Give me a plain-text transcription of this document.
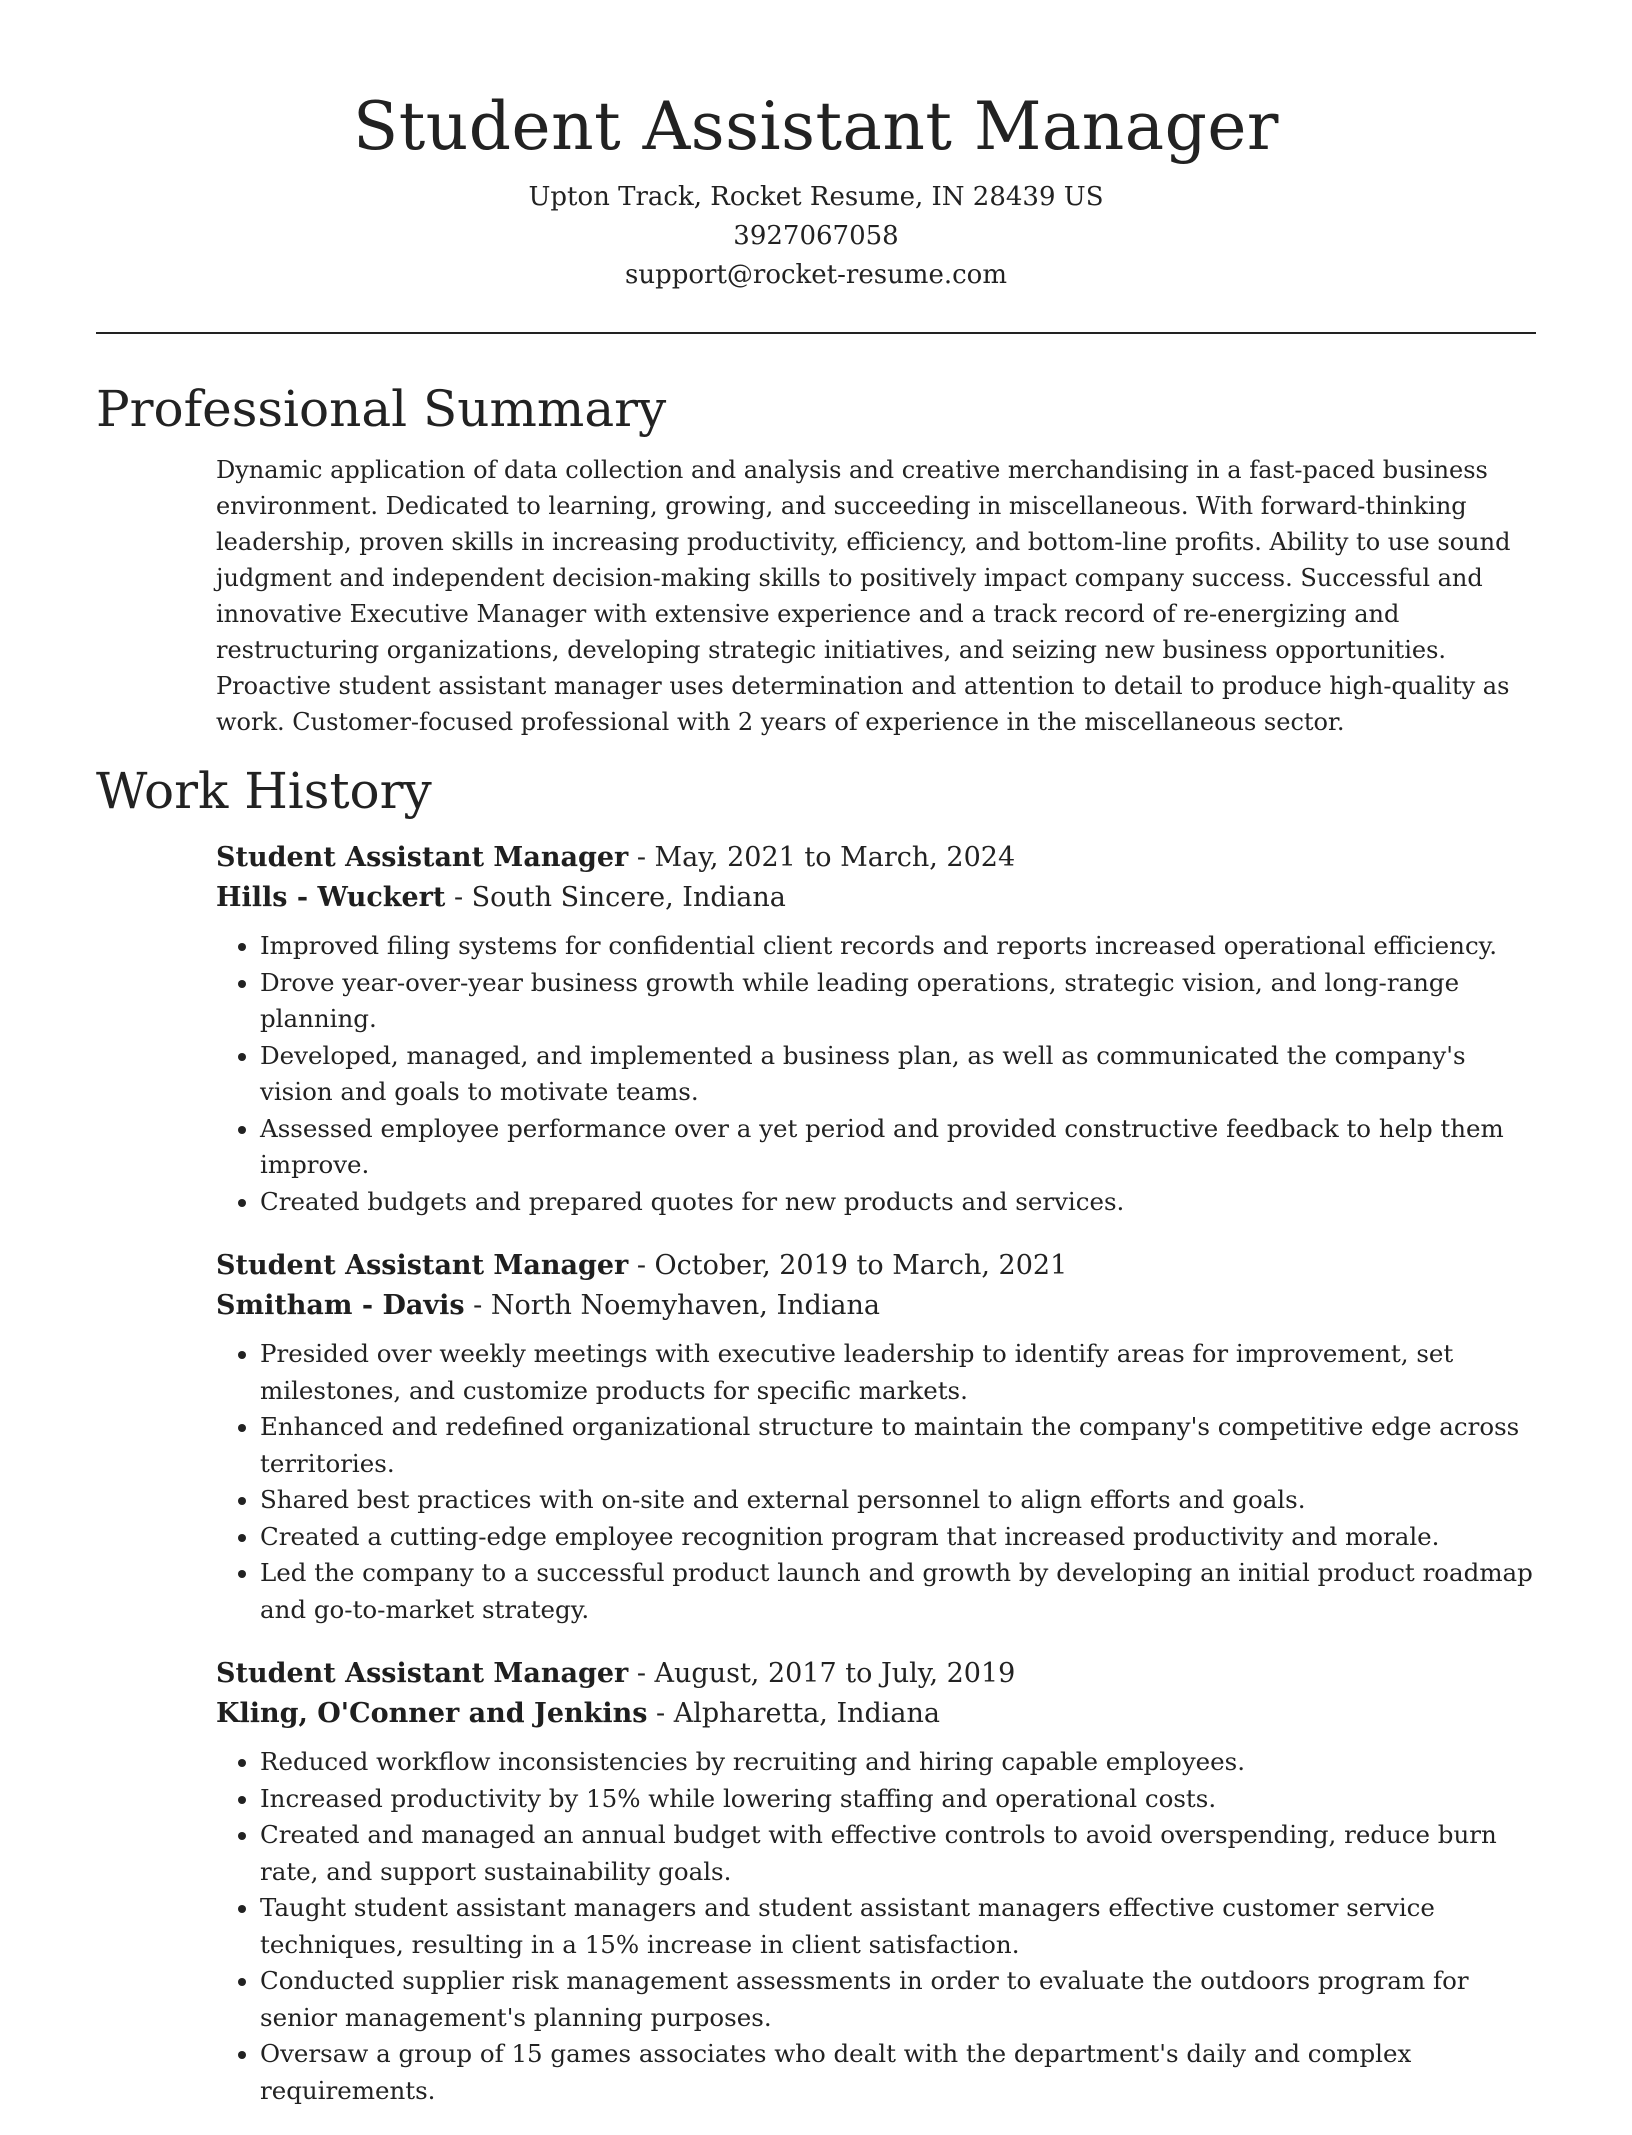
Student Assistant Manager
Upton Track, Rocket Resume, IN 28439 US
3927067058
support@rocket-resume.com
Professional Summary
Dynamic application of data collection and analysis and creative merchandising in a fast-paced business environment. Dedicated to learning, growing, and succeeding in miscellaneous. With forward-thinking leadership, proven skills in increasing productivity, efficiency, and bottom-line profits. Ability to use sound judgment and independent decision-making skills to positively impact company success. Successful and innovative Executive Manager with extensive experience and a track record of re-energizing and restructuring organizations, developing strategic initiatives, and seizing new business opportunities. Proactive student assistant manager uses determination and attention to detail to produce high-quality as work. Customer-focused professional with 2 years of experience in the miscellaneous sector.
Work History
Student Assistant Manager - May, 2021 to March, 2024
Hills - Wuckert - South Sincere, Indiana
• Improved filing systems for confidential client records and reports increased operational efficiency.
• Drove year-over-year business growth while leading operations, strategic vision, and long-range planning.
• Developed, managed, and implemented a business plan, as well as communicated the company's vision and goals to motivate teams.
• Assessed employee performance over a yet period and provided constructive feedback to help them improve.
• Created budgets and prepared quotes for new products and services.
Student Assistant Manager - October, 2019 to March, 2021
Smitham - Davis - North Noemyhaven, Indiana
• Presided over weekly meetings with executive leadership to identify areas for improvement, set milestones, and customize products for specific markets.
• Enhanced and redefined organizational structure to maintain the company's competitive edge across territories.
• Shared best practices with on-site and external personnel to align efforts and goals.
• Created a cutting-edge employee recognition program that increased productivity and morale.
• Led the company to a successful product launch and growth by developing an initial product roadmap and go-to-market strategy.
Student Assistant Manager - August, 2017 to July, 2019
Kling, O'Conner and Jenkins - Alpharetta, Indiana
• Reduced workflow inconsistencies by recruiting and hiring capable employees.
• Increased productivity by 15% while lowering staffing and operational costs.
• Created and managed an annual budget with effective controls to avoid overspending, reduce burn rate, and support sustainability goals.
• Taught student assistant managers and student assistant managers effective customer service techniques, resulting in a 15% increase in client satisfaction.
• Conducted supplier risk management assessments in order to evaluate the outdoors program for senior management's planning purposes.
• Oversaw a group of 15 games associates who dealt with the department's daily and complex requirements.
